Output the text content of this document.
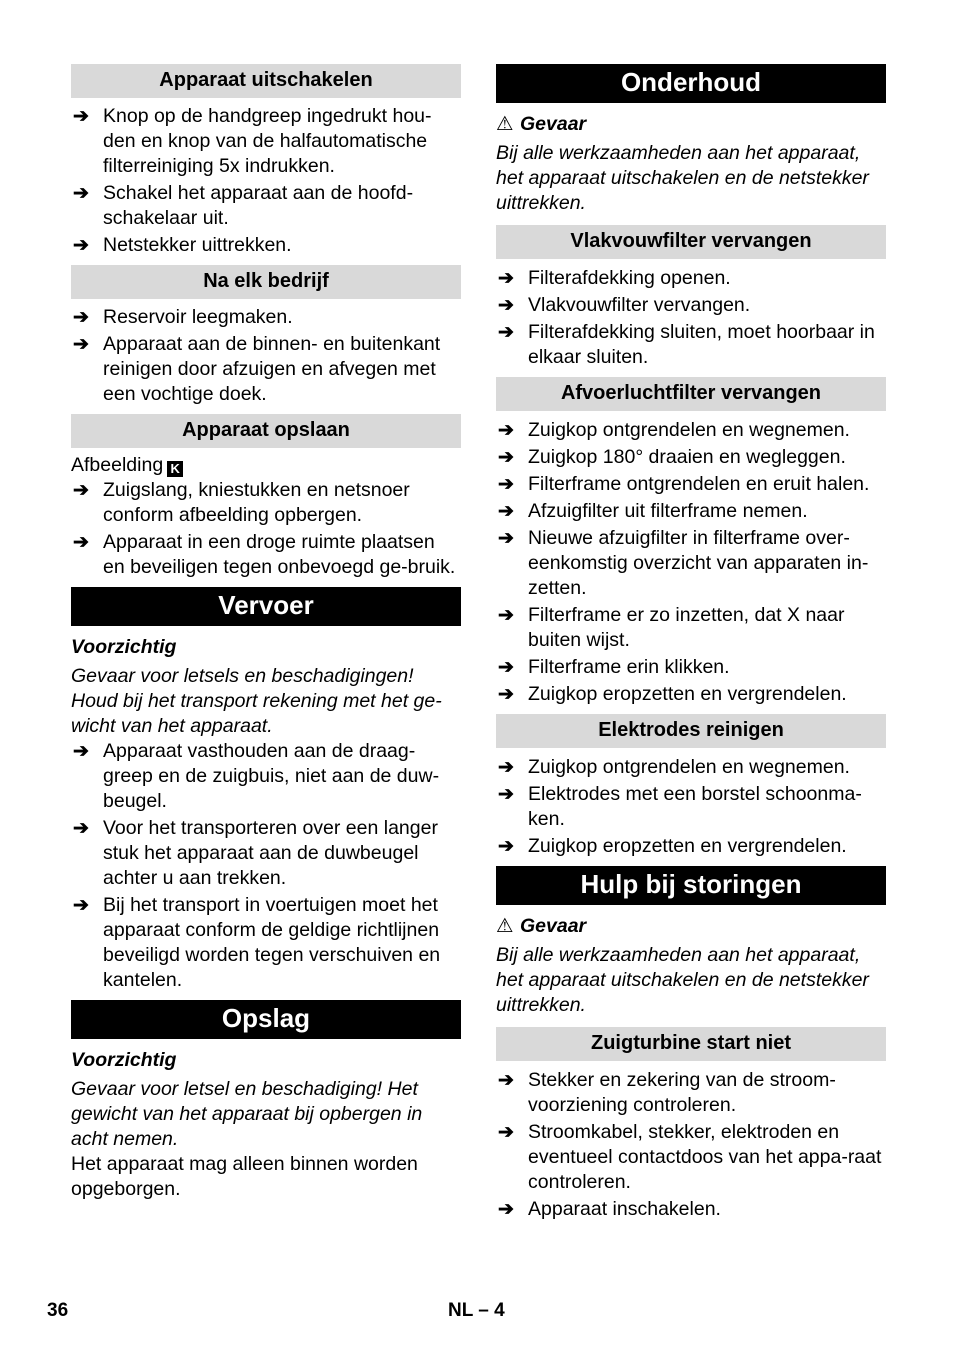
Apparaat uitschakelen
➔ Knop op de handgreep ingedrukt hou-den en knop van de halfautomatische filterreiniging 5x indrukken.
➔ Schakel het apparaat aan de hoofd-schakelaar uit.
➔ Netstekker uittrekken.
Na elk bedrijf
➔ Reservoir leegmaken.
➔ Apparaat aan de binnen- en buitenkant reinigen door afzuigen en afvegen met een vochtige doek.
Apparaat opslaan

Afbeelding K

➔ Zuigslang, kniestukken en netsnoer conform afbeelding opbergen.
➔ Apparaat in een droge ruimte plaatsen en beveiligen tegen onbevoegd ge-bruik.
Vervoer

Voorzichtig

Gevaar voor letsels en beschadigingen! Houd bij het transport rekening met het ge-wicht van het apparaat.

➔ Apparaat vasthouden aan de draag-greep en de zuigbuis, niet aan de duw-beugel.
➔ Voor het transporteren over een langer stuk het apparaat aan de duwbeugel achter u aan trekken.
➔ Bij het transport in voertuigen moet het apparaat conform de geldige richtlijnen beveiligd worden tegen verschuiven en kantelen.
Opslag

Voorzichtig

Gevaar voor letsel en beschadiging! Het gewicht van het apparaat bij opbergen in acht nemen.

Het apparaat mag alleen binnen worden opgeborgen.

Onderhoud

⚠ Gevaar

Bij alle werkzaamheden aan het apparaat, het apparaat uitschakelen en de netstekker uittrekken.

Vlakvouwfilter vervangen
➔ Filterafdekking openen.
➔ Vlakvouwfilter vervangen.
➔ Filterafdekking sluiten, moet hoorbaar in elkaar sluiten.
Afvoerluchtfilter vervangen
➔ Zuigkop ontgrendelen en wegnemen.
➔ Zuigkop 180° draaien en wegleggen.
➔ Filterframe ontgrendelen en eruit halen.
➔ Afzuigfilter uit filterframe nemen.
➔ Nieuwe afzuigfilter in filterframe over-eenkomstig overzicht van apparaten in-zetten.
➔ Filterframe er zo inzetten, dat X naar buiten wijst.
➔ Filterframe erin klikken.
➔ Zuigkop eropzetten en vergrendelen.
Elektrodes reinigen
➔ Zuigkop ontgrendelen en wegnemen.
➔ Elektrodes met een borstel schoonma-ken.
➔ Zuigkop eropzetten en vergrendelen.
Hulp bij storingen

⚠ Gevaar

Bij alle werkzaamheden aan het apparaat, het apparaat uitschakelen en de netstekker uittrekken.

Zuigturbine start niet
➔ Stekker en zekering van de stroom-voorziening controleren.
➔ Stroomkabel, stekker, elektroden en eventueel contactdoos van het appa-raat controleren.
➔ Apparaat inschakelen.
36	NL – 4
